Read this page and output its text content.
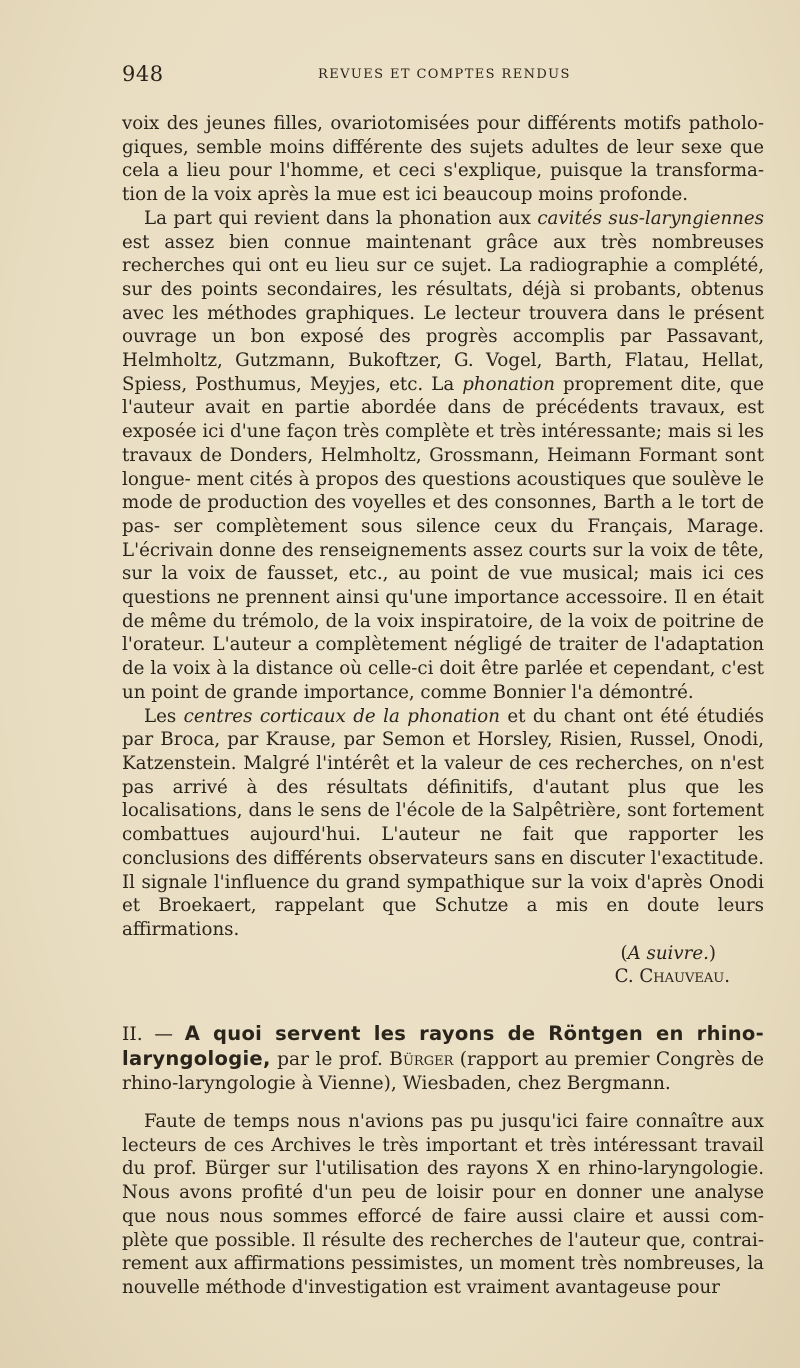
948	REVUES ET COMPTES RENDUS

voix des jeunes filles, ovariotomisées pour différents motifs patholo- giques, semble moins différente des sujets adultes de leur sexe que cela a lieu pour l'homme, et ceci s'explique, puisque la transforma- tion de la voix après la mue est ici beaucoup moins profonde.

La part qui revient dans la phonation aux cavités sus-laryngiennes est assez bien connue maintenant grâce aux très nombreuses recherches qui ont eu lieu sur ce sujet. La radiographie a complété, sur des points secondaires, les résultats, déjà si probants, obtenus avec les méthodes graphiques. Le lecteur trouvera dans le présent ouvrage un bon exposé des progrès accomplis par Passavant, Helmholtz, Gutzmann, Bukoftzer, G. Vogel, Barth, Flatau, Hellat, Spiess, Posthumus, Meyjes, etc. La phonation proprement dite, que l'auteur avait en partie abordée dans de précédents travaux, est exposée ici d'une façon très complète et très intéressante; mais si les travaux de Donders, Helmholtz, Grossmann, Heimann Formant sont longue- ment cités à propos des questions acoustiques que soulève le mode de production des voyelles et des consonnes, Barth a le tort de pas- ser complètement sous silence ceux du Français, Marage. L'écrivain donne des renseignements assez courts sur la voix de tête, sur la voix de fausset, etc., au point de vue musical; mais ici ces questions ne prennent ainsi qu'une importance accessoire. Il en était de même du trémolo, de la voix inspiratoire, de la voix de poitrine de l'orateur. L'auteur a complètement négligé de traiter de l'adaptation de la voix à la distance où celle-ci doit être parlée et cependant, c'est un point de grande importance, comme Bonnier l'a démontré.

Les centres corticaux de la phonation et du chant ont été étudiés par Broca, par Krause, par Semon et Horsley, Risien, Russel, Onodi, Katzenstein. Malgré l'intérêt et la valeur de ces recherches, on n'est pas arrivé à des résultats définitifs, d'autant plus que les localisations, dans le sens de l'école de la Salpêtrière, sont fortement combattues aujourd'hui. L'auteur ne fait que rapporter les conclusions des différents observateurs sans en discuter l'exactitude. Il signale l'influence du grand sympathique sur la voix d'après Onodi et Broekaert, rappelant que Schutze a mis en doute leurs affirmations.

(A suivre.)

C. Chauveau.

II. — A quoi servent les rayons de Röntgen en rhino- laryngologie, par le prof. Bürger (rapport au premier Congrès de rhino-laryngologie à Vienne), Wiesbaden, chez Bergmann.

Faute de temps nous n'avions pas pu jusqu'ici faire connaître aux lecteurs de ces Archives le très important et très intéressant travail du prof. Bürger sur l'utilisation des rayons X en rhino-laryngologie. Nous avons profité d'un peu de loisir pour en donner une analyse que nous nous sommes efforcé de faire aussi claire et aussi com- plète que possible. Il résulte des recherches de l'auteur que, contrai- rement aux affirmations pessimistes, un moment très nombreuses, la nouvelle méthode d'investigation est vraiment avantageuse pour
